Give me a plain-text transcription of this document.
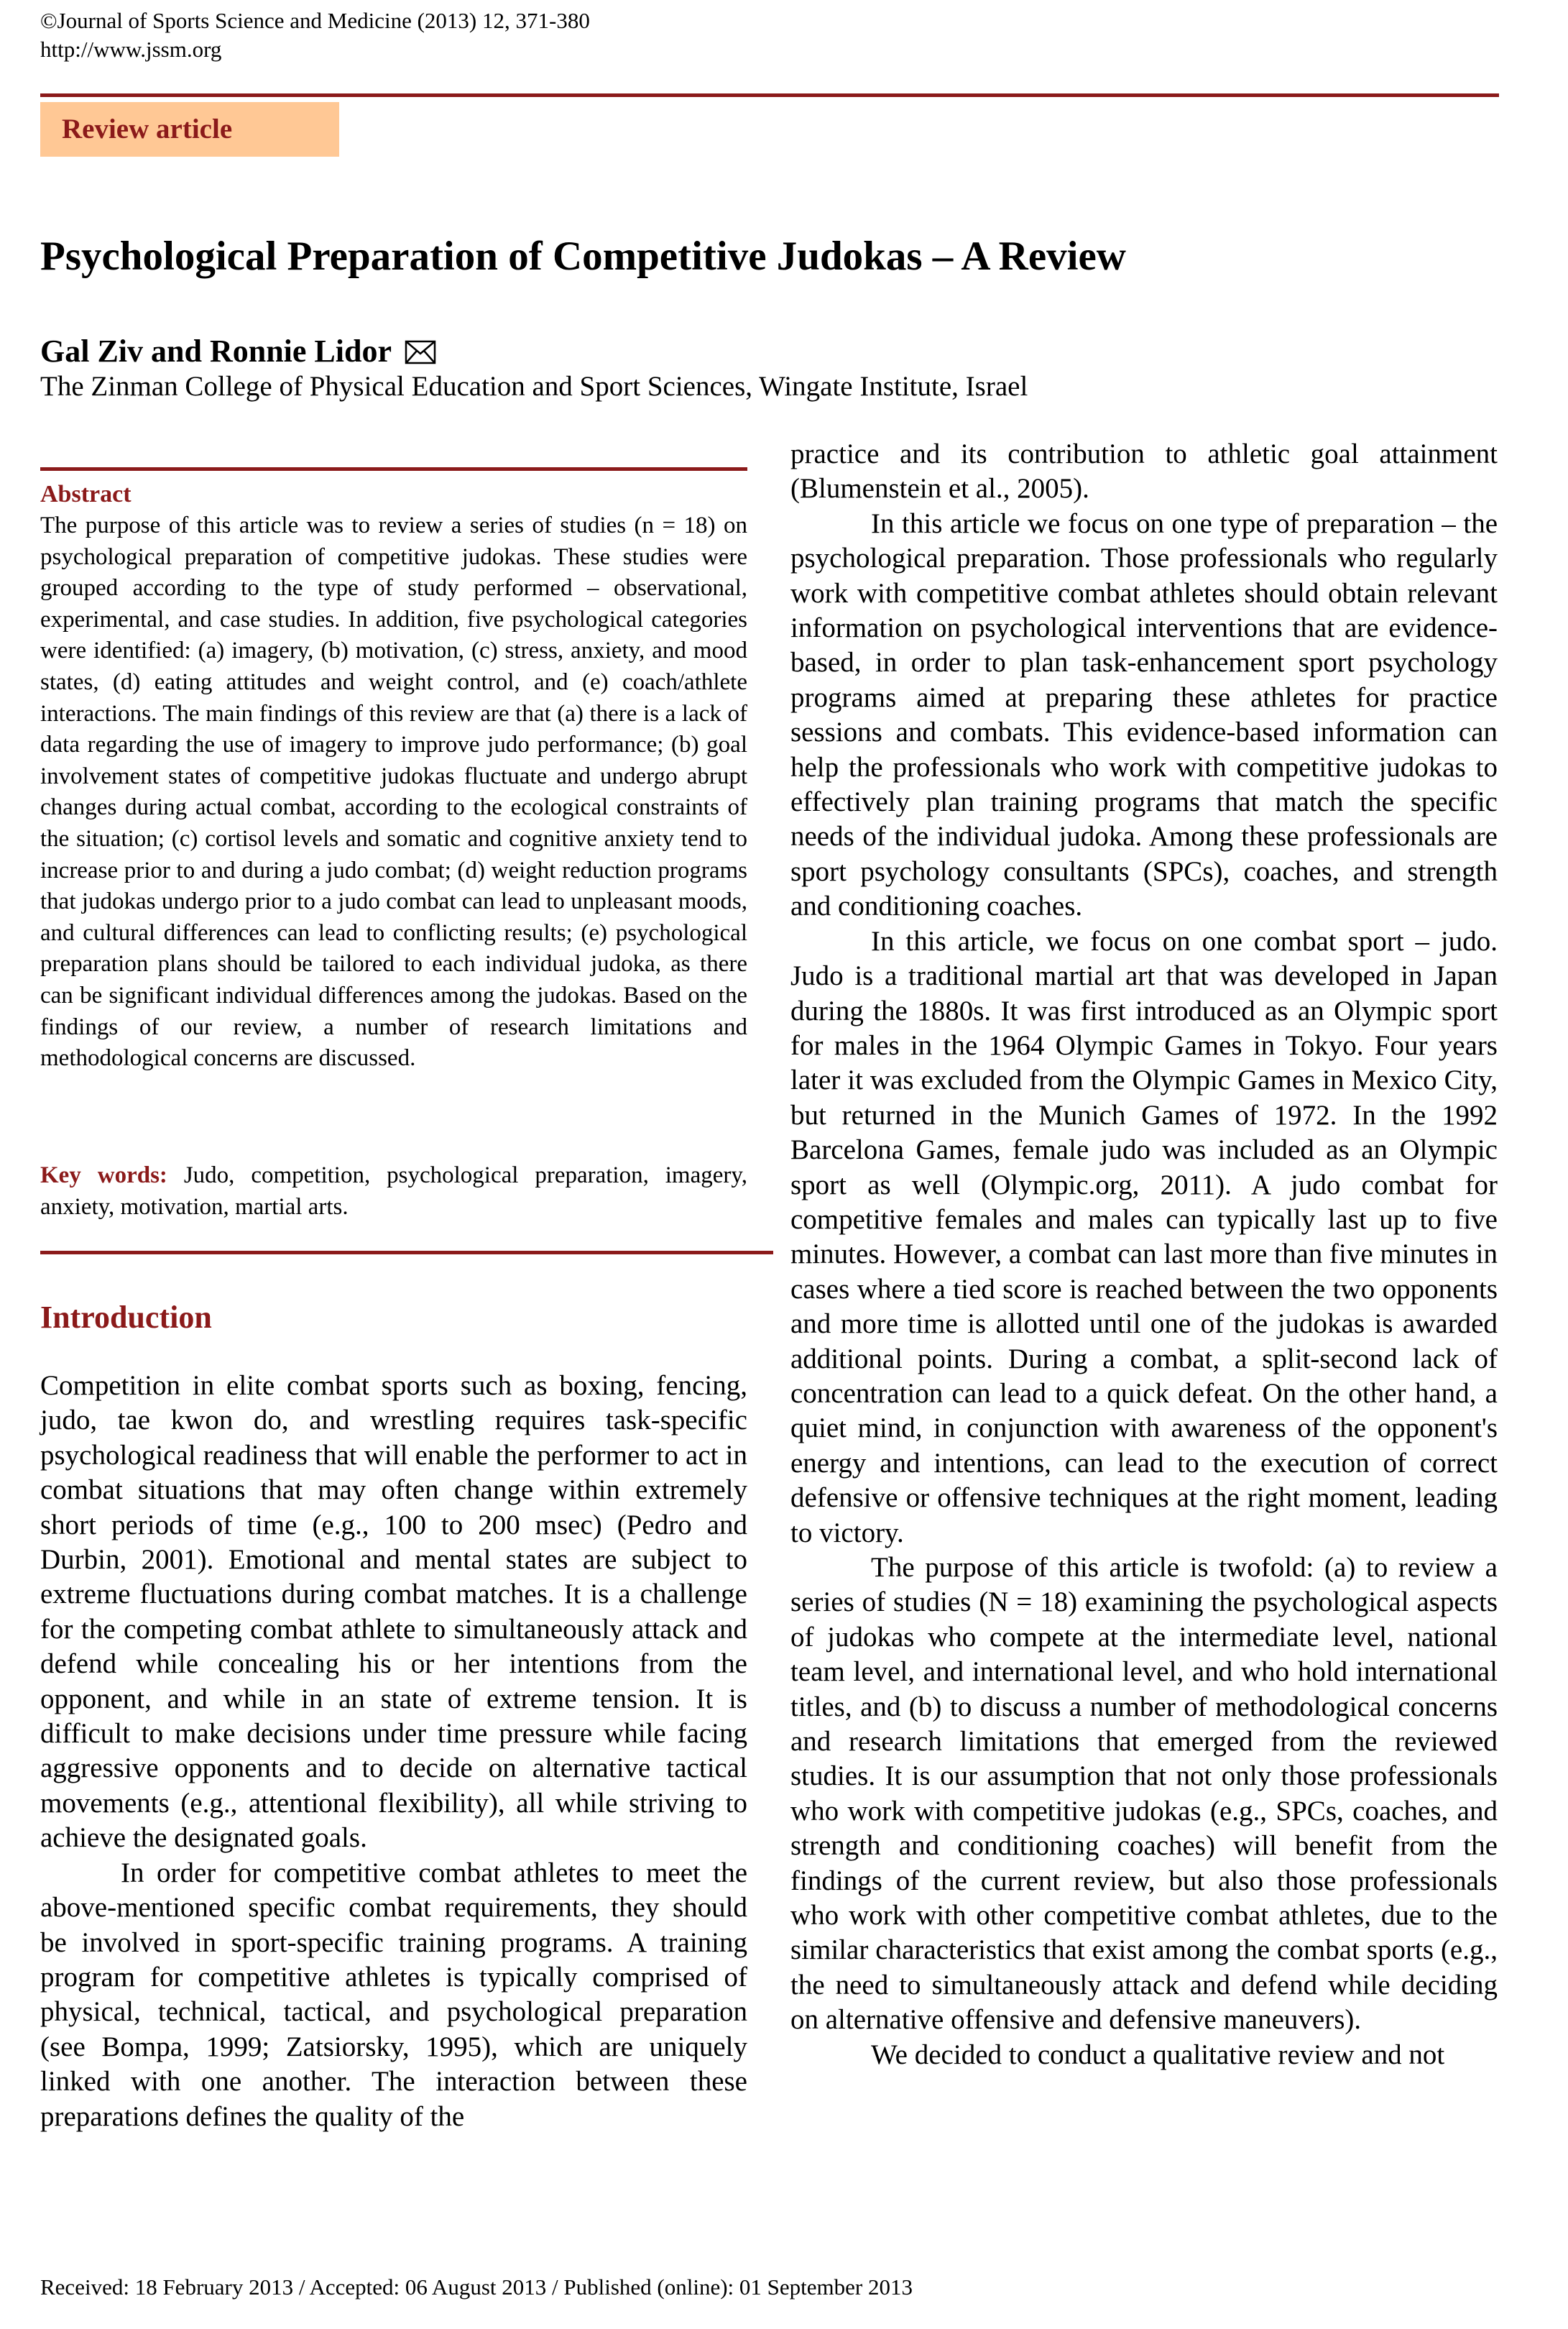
©Journal of Sports Science and Medicine (2013) 12, 371-380
http://www.jssm.org
Review article
Psychological Preparation of Competitive Judokas – A Review
Gal Ziv and Ronnie Lidor
The Zinman College of Physical Education and Sport Sciences, Wingate Institute, Israel
Abstract

The purpose of this article was to review a series of studies (n = 18) on psychological preparation of competitive judokas. These studies were grouped according to the type of study performed – observational, experimental, and case studies. In addition, five psychological categories were identified: (a) imagery, (b) motivation, (c) stress, anxiety, and mood states, (d) eating attitudes and weight control, and (e) coach/athlete interactions. The main findings of this review are that (a) there is a lack of data regarding the use of imagery to improve judo performance; (b) goal involvement states of competitive judokas fluctuate and undergo abrupt changes during actual combat, according to the ecological constraints of the situation; (c) cortisol levels and somatic and cognitive anxiety tend to increase prior to and during a judo combat; (d) weight reduction programs that judokas undergo prior to a judo combat can lead to unpleasant moods, and cultural differences can lead to conflicting results; (e) psychological preparation plans should be tailored to each individual judoka, as there can be significant individual differences among the judokas. Based on the findings of our review, a number of research limitations and methodological concerns are discussed.

Key words: Judo, competition, psychological preparation, imagery, anxiety, motivation, martial arts.

Introduction

Competition in elite combat sports such as boxing, fencing, judo, tae kwon do, and wrestling requires task-specific psychological readiness that will enable the performer to act in combat situations that may often change within extremely short periods of time (e.g., 100 to 200 msec) (Pedro and Durbin, 2001). Emotional and mental states are subject to extreme fluctuations during combat matches. It is a challenge for the competing combat athlete to simultaneously attack and defend while concealing his or her intentions from the opponent, and while in an state of extreme tension. It is difficult to make decisions under time pressure while facing aggressive opponents and to decide on alternative tactical movements (e.g., attentional flexibility), all while striving to achieve the designated goals.

In order for competitive combat athletes to meet the above-mentioned specific combat requirements, they should be involved in sport-specific training programs. A training program for competitive athletes is typically comprised of physical, technical, tactical, and psychological preparation (see Bompa, 1999; Zatsiorsky, 1995), which are uniquely linked with one another. The interaction between these preparations defines the quality of the

practice and its contribution to athletic goal attainment (Blumenstein et al., 2005).

In this article we focus on one type of preparation – the psychological preparation. Those professionals who regularly work with competitive combat athletes should obtain relevant information on psychological interventions that are evidence-based, in order to plan task-enhancement sport psychology programs aimed at preparing these athletes for practice sessions and combats. This evidence-based information can help the professionals who work with competitive judokas to effectively plan training programs that match the specific needs of the individual judoka. Among these professionals are sport psychology consultants (SPCs), coaches, and strength and conditioning coaches.

In this article, we focus on one combat sport – judo. Judo is a traditional martial art that was developed in Japan during the 1880s. It was first introduced as an Olympic sport for males in the 1964 Olympic Games in Tokyo. Four years later it was excluded from the Olympic Games in Mexico City, but returned in the Munich Games of 1972. In the 1992 Barcelona Games, female judo was included as an Olympic sport as well (Olympic.org, 2011). A judo combat for competitive females and males can typically last up to five minutes. However, a combat can last more than five minutes in cases where a tied score is reached between the two opponents and more time is allotted until one of the judokas is awarded additional points. During a combat, a split-second lack of concentration can lead to a quick defeat. On the other hand, a quiet mind, in conjunction with awareness of the opponent's energy and intentions, can lead to the execution of correct defensive or offensive techniques at the right moment, leading to victory.

The purpose of this article is twofold: (a) to review a series of studies (N = 18) examining the psychological aspects of judokas who compete at the intermediate level, national team level, and international level, and who hold international titles, and (b) to discuss a number of methodological concerns and research limitations that emerged from the reviewed studies. It is our assumption that not only those professionals who work with competitive judokas (e.g., SPCs, coaches, and strength and conditioning coaches) will benefit from the findings of the current review, but also those professionals who work with other competitive combat athletes, due to the similar characteristics that exist among the combat sports (e.g., the need to simultaneously attack and defend while deciding on alternative offensive and defensive maneuvers).

We decided to conduct a qualitative review and not

Received: 18 February 2013 / Accepted: 06 August 2013 / Published (online): 01 September 2013
